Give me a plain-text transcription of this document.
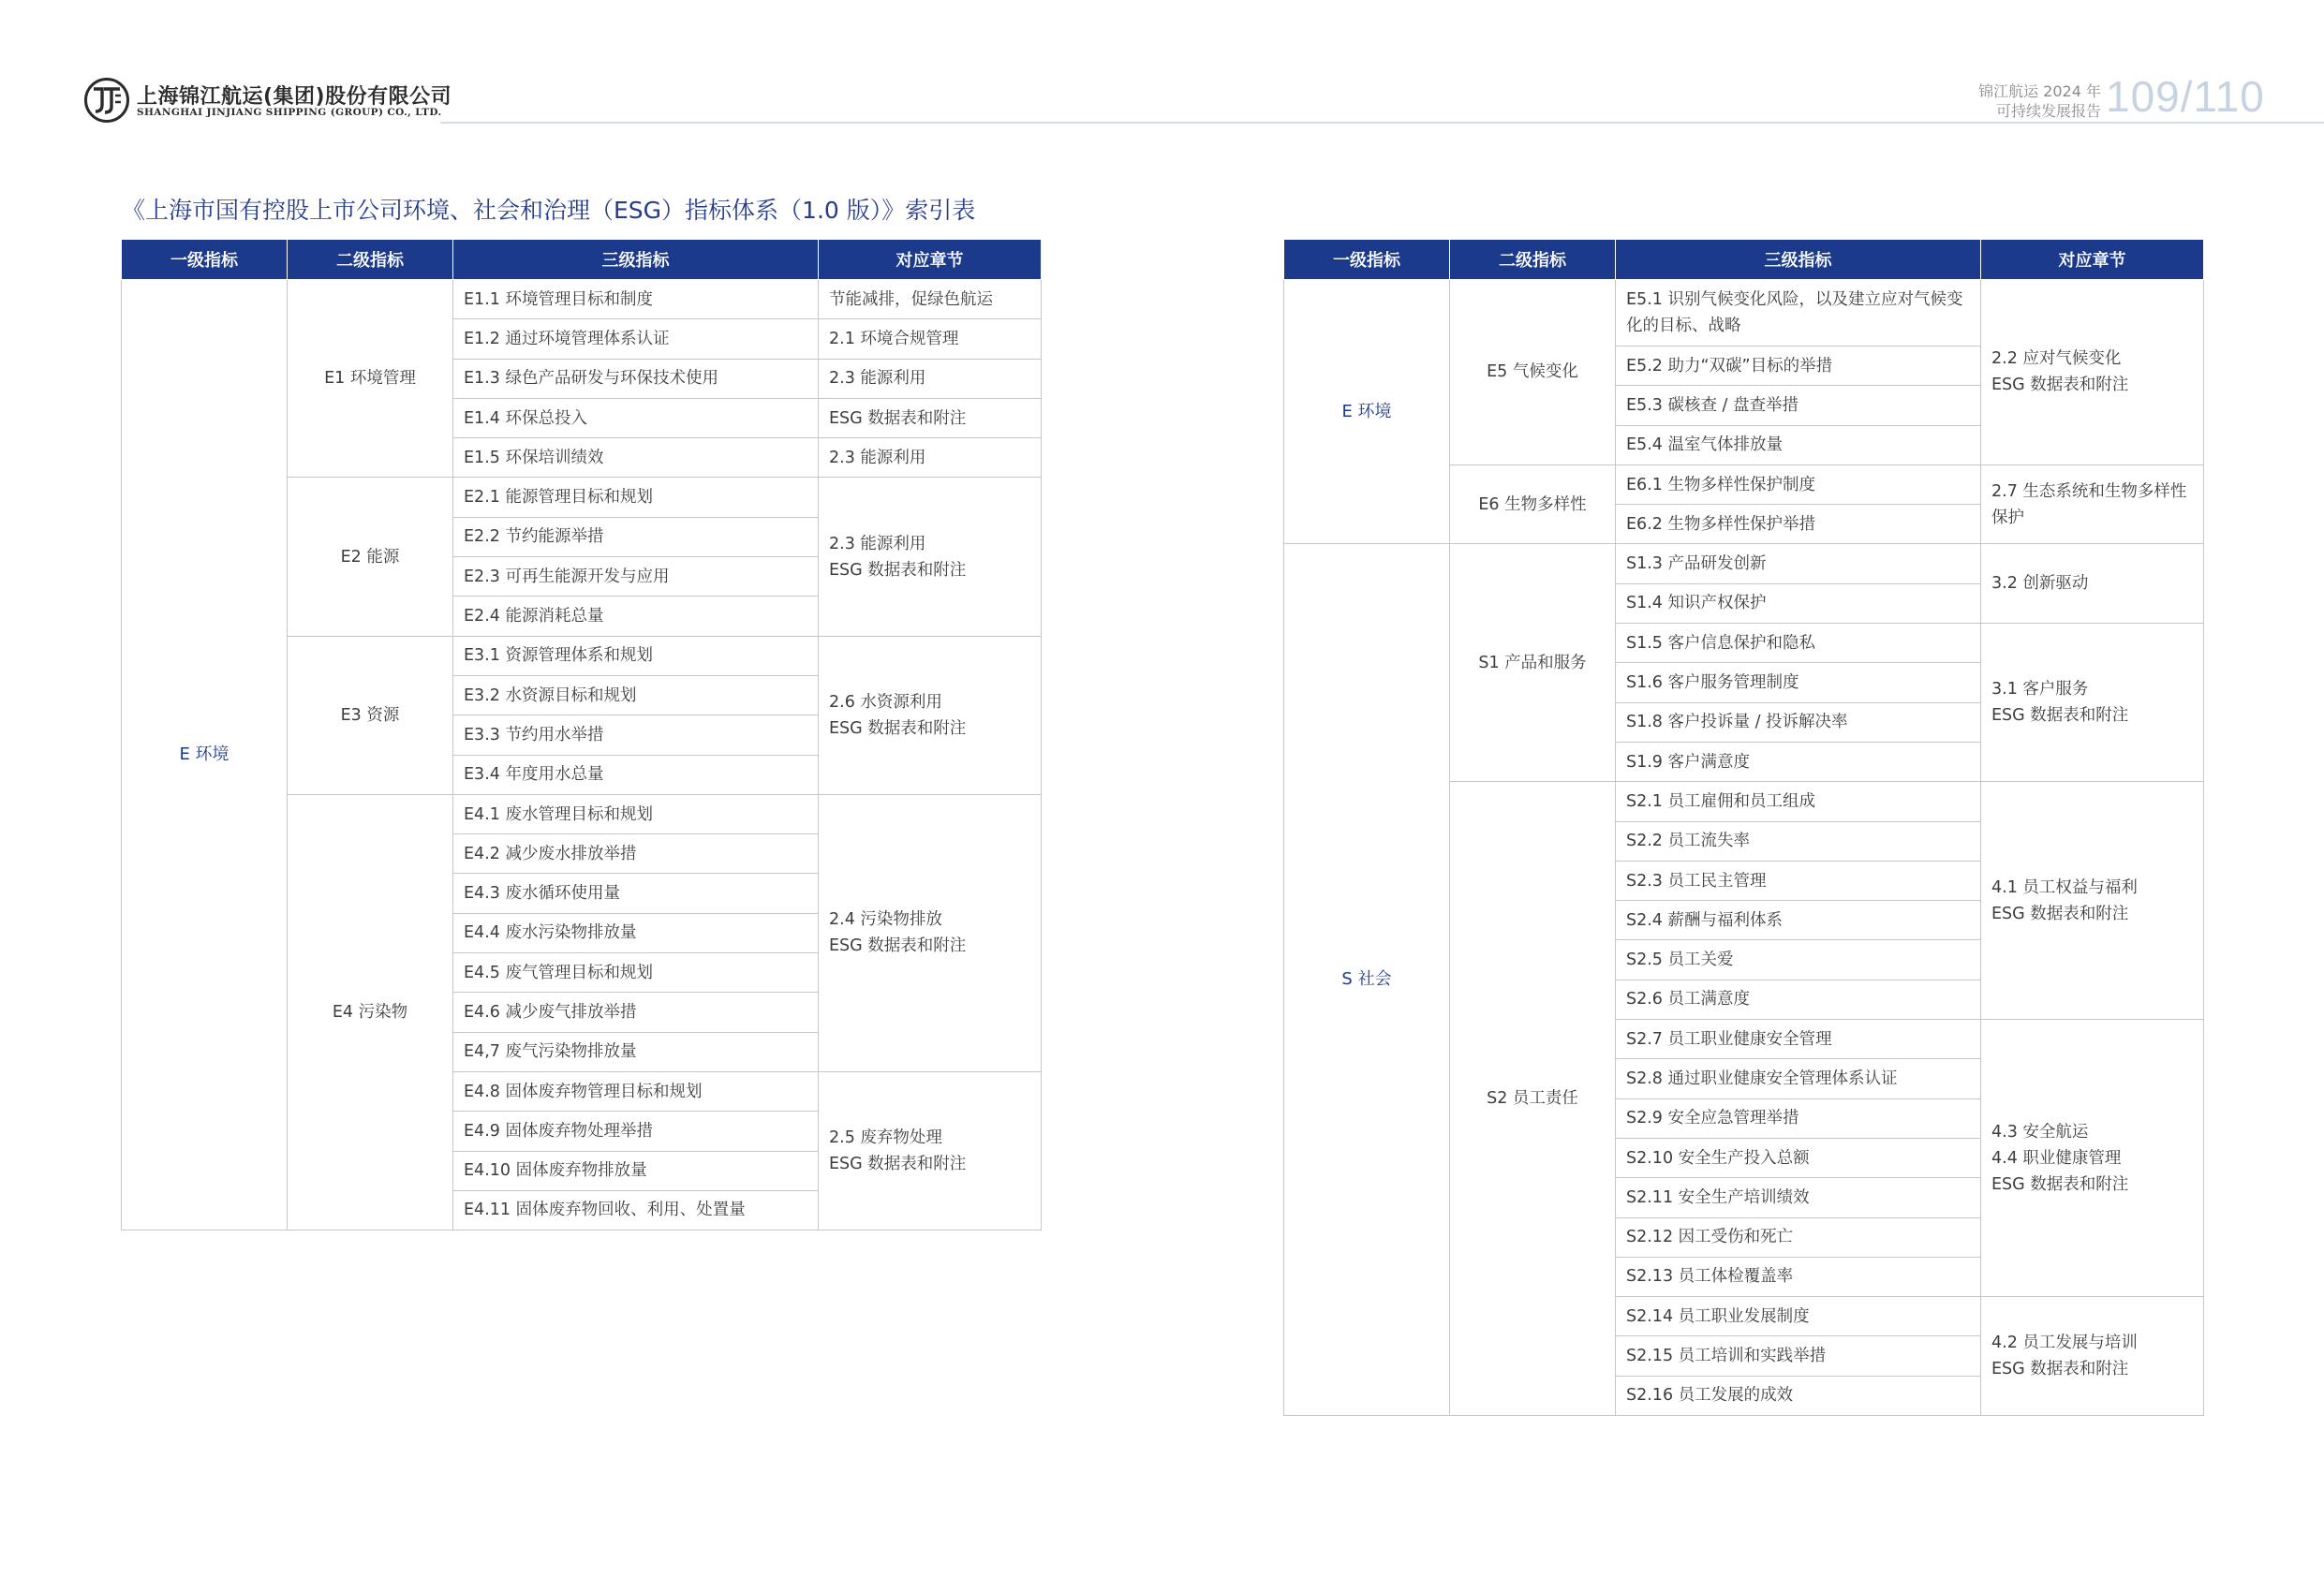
上海锦江航运(集团)股份有限公司
SHANGHAI JINJIANG SHIPPING (GROUP) CO., LTD.
锦江航运 2024 年
可持续发展报告 109/110
《上海市国有控股上市公司环境、社会和治理（ESG）指标体系（1.0 版）》索引表
一级指标	二级指标	三级指标	对应章节
E 环境	E1 环境管理	E1.1 环境管理目标和制度	节能减排，促绿色航运

		E1.2 通过环境管理体系认证	2.1 环境合规管理

		E1.3 绿色产品研发与环保技术使用	2.3 能源利用

		E1.4 环保总投入	ESG 数据表和附注

		E1.5 环保培训绩效	2.3 能源利用

	E2 能源	E2.1 能源管理目标和规划	2.3 能源利用
ESG 数据表和附注

		E2.2 节约能源举措	
		E2.3 可再生能源开发与应用	
		E2.4 能源消耗总量	
	E3 资源	E3.1 资源管理体系和规划	2.6 水资源利用
ESG 数据表和附注

		E3.2 水资源目标和规划	
		E3.3 节约用水举措	
		E3.4 年度用水总量	
	E4 污染物	E4.1 废水管理目标和规划	2.4 污染物排放
ESG 数据表和附注

		E4.2 减少废水排放举措	
		E4.3 废水循环使用量	
		E4.4 废水污染物排放量	
		E4.5 废气管理目标和规划	
		E4.6 减少废气排放举措	
		E4,7 废气污染物排放量	
		E4.8 固体废弃物管理目标和规划	2.5 废弃物处理
ESG 数据表和附注

		E4.9 固体废弃物处理举措	
		E4.10 固体废弃物排放量	
		E4.11 固体废弃物回收、利用、处置量	
一级指标	二级指标	三级指标	对应章节
E 环境	E5 气候变化	E5.1 识别气候变化风险，以及建立应对气候变化的目标、战略	2.2 应对气候变化
ESG 数据表和附注

		E5.2 助力“双碳”目标的举措	
		E5.3 碳核查 / 盘查举措	
		E5.4 温室气体排放量	
	E6 生物多样性	E6.1 生物多样性保护制度	2.7 生态系统和生物多样性保护

		E6.2 生物多样性保护举措	
S 社会	S1 产品和服务	S1.3 产品研发创新	3.2 创新驱动

		S1.4 知识产权保护	
		S1.5 客户信息保护和隐私	3.1 客户服务
ESG 数据表和附注

		S1.6 客户服务管理制度	
		S1.8 客户投诉量 / 投诉解决率	
		S1.9 客户满意度	
	S2 员工责任	S2.1 员工雇佣和员工组成	4.1 员工权益与福利
ESG 数据表和附注

		S2.2 员工流失率	
		S2.3 员工民主管理	
		S2.4 薪酬与福利体系	
		S2.5 员工关爱	
		S2.6 员工满意度	
		S2.7 员工职业健康安全管理	4.3 安全航运
4.4 职业健康管理
ESG 数据表和附注

		S2.8 通过职业健康安全管理体系认证	
		S2.9 安全应急管理举措	
		S2.10 安全生产投入总额	
		S2.11 安全生产培训绩效	
		S2.12 因工受伤和死亡	
		S2.13 员工体检覆盖率	
		S2.14 员工职业发展制度	4.2 员工发展与培训
ESG 数据表和附注

		S2.15 员工培训和实践举措	
		S2.16 员工发展的成效	
